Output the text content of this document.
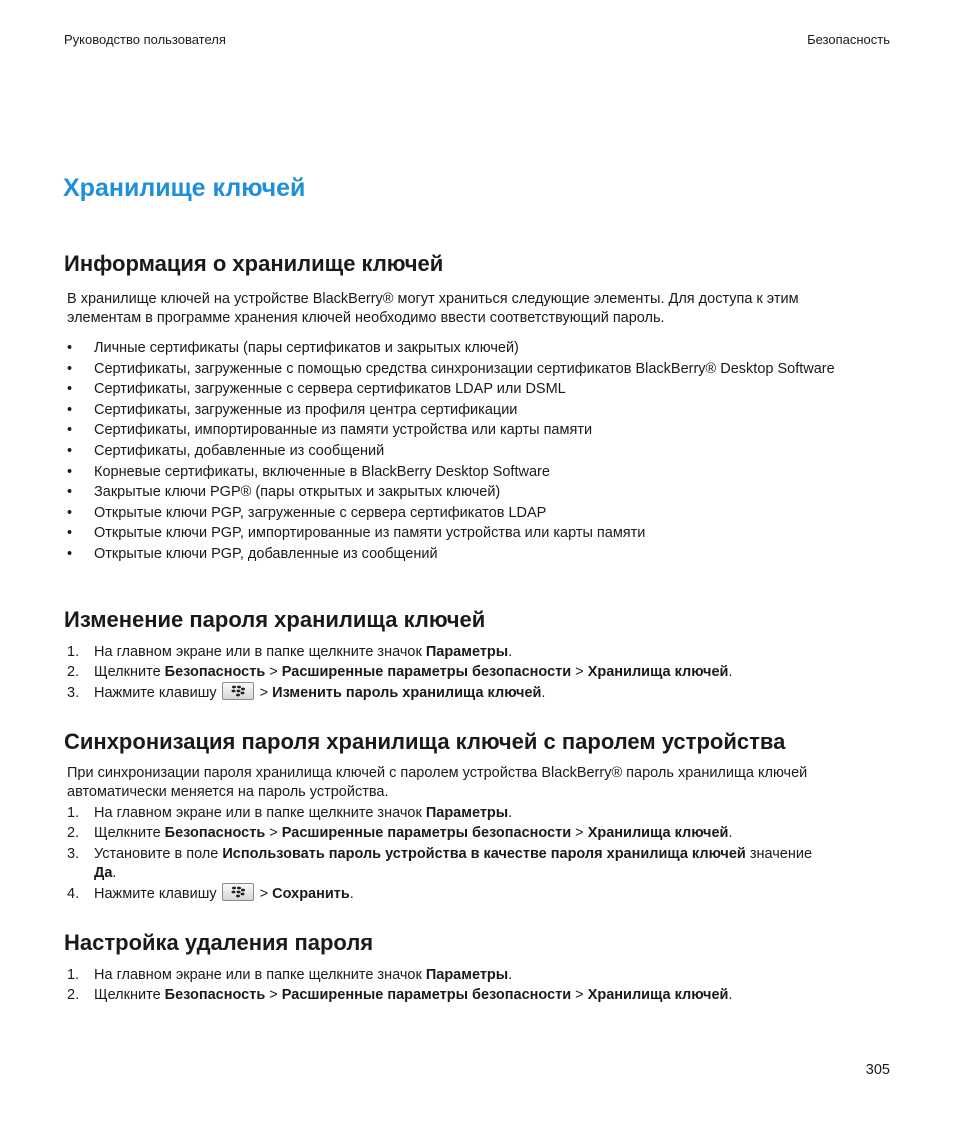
Руководство пользователя	Безопасность
Хранилище ключей
Информация о хранилище ключей
В хранилище ключей на устройстве BlackBerry® могут храниться следующие элементы. Для доступа к этим
элементам в программе хранения ключей необходимо ввести соответствующий пароль.
• Личные сертификаты (пары сертификатов и закрытых ключей)
• Сертификаты, загруженные с помощью средства синхронизации сертификатов BlackBerry® Desktop Software
• Сертификаты, загруженные с сервера сертификатов LDAP или DSML
• Сертификаты, загруженные из профиля центра сертификации
• Сертификаты, импортированные из памяти устройства или карты памяти
• Сертификаты, добавленные из сообщений
• Корневые сертификаты, включенные в BlackBerry Desktop Software
• Закрытые ключи PGP® (пары открытых и закрытых ключей)
• Открытые ключи PGP, загруженные с сервера сертификатов LDAP
• Открытые ключи PGP, импортированные из памяти устройства или карты памяти
• Открытые ключи PGP, добавленные из сообщений
Изменение пароля хранилища ключей
1. На главном экране или в папке щелкните значок Параметры.
2. Щелкните Безопасность > Расширенные параметры безопасности > Хранилища ключей.
3. Нажмите клавишу
> Изменить пароль хранилища ключей.
Синхронизация пароля хранилища ключей с паролем устройства
При синхронизации пароля хранилища ключей с паролем устройства BlackBerry® пароль хранилища ключей
автоматически меняется на пароль устройства.
1. На главном экране или в папке щелкните значок Параметры.
2. Щелкните Безопасность > Расширенные параметры безопасности > Хранилища ключей.
3. Установите в поле Использовать пароль устройства в качестве пароля хранилища ключей значение
Да.
4. Нажмите клавишу
> Сохранить.
Настройка удаления пароля
1. На главном экране или в папке щелкните значок Параметры.
2. Щелкните Безопасность > Расширенные параметры безопасности > Хранилища ключей.
305
